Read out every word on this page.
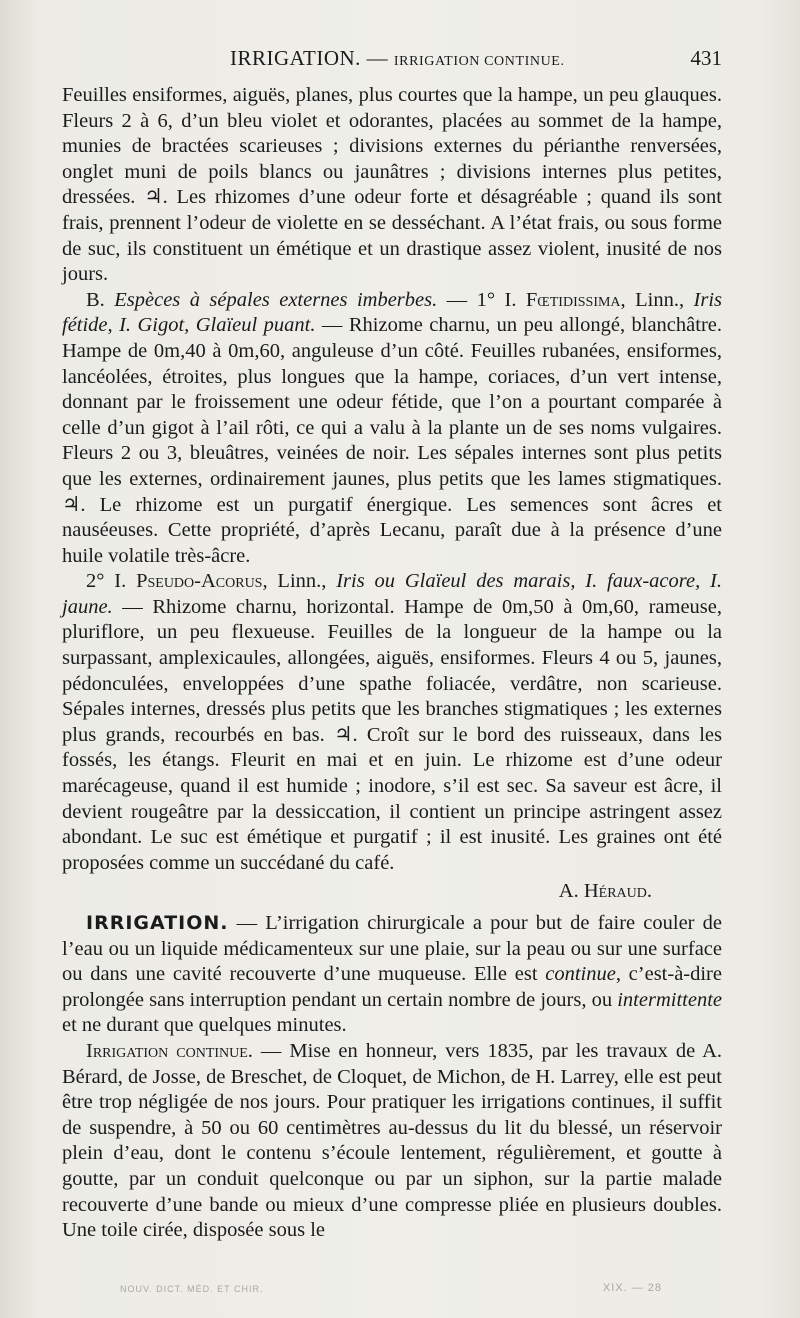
IRRIGATION. — IRRIGATION CONTINUE.	431

Feuilles ensiformes, aiguës, planes, plus courtes que la hampe, un peu glauques. Fleurs 2 à 6, d’un bleu violet et odorantes, placées au sommet de la hampe, munies de bractées scarieuses ; divisions externes du périanthe renversées, onglet muni de poils blancs ou jaunâtres ; divisions internes plus petites, dressées. ♃. Les rhizomes d’une odeur forte et désagréable ; quand ils sont frais, prennent l’odeur de violette en se desséchant. A l’état frais, ou sous forme de suc, ils constituent un émétique et un drastique assez violent, inusité de nos jours.

B. Espèces à sépales externes imberbes. — 1° I. Fœtidissima, Linn., Iris fétide, I. Gigot, Glaïeul puant. — Rhizome charnu, un peu allongé, blanchâtre. Hampe de 0m,40 à 0m,60, anguleuse d’un côté. Feuilles rubanées, ensiformes, lancéolées, étroites, plus longues que la hampe, coriaces, d’un vert intense, donnant par le froissement une odeur fétide, que l’on a pourtant comparée à celle d’un gigot à l’ail rôti, ce qui a valu à la plante un de ses noms vulgaires. Fleurs 2 ou 3, bleuâtres, veinées de noir. Les sépales internes sont plus petits que les externes, ordinairement jaunes, plus petits que les lames stigmatiques. ♃. Le rhizome est un purgatif énergique. Les semences sont âcres et nauséeuses. Cette propriété, d’après Lecanu, paraît due à la présence d’une huile volatile très-âcre.

2° I. Pseudo-Acorus, Linn., Iris ou Glaïeul des marais, I. faux-acore, I. jaune. — Rhizome charnu, horizontal. Hampe de 0m,50 à 0m,60, rameuse, pluriflore, un peu flexueuse. Feuilles de la longueur de la hampe ou la surpassant, amplexicaules, allongées, aiguës, ensiformes. Fleurs 4 ou 5, jaunes, pédonculées, enveloppées d’une spathe foliacée, verdâtre, non scarieuse. Sépales internes, dressés plus petits que les branches stigmatiques ; les externes plus grands, recourbés en bas. ♃. Croît sur le bord des ruisseaux, dans les fossés, les étangs. Fleurit en mai et en juin. Le rhizome est d’une odeur marécageuse, quand il est humide ; inodore, s’il est sec. Sa saveur est âcre, il devient rougeâtre par la dessiccation, il contient un principe astringent assez abondant. Le suc est émétique et purgatif ; il est inusité. Les graines ont été proposées comme un succédané du café.

A. Héraud.

IRRIGATION. — L’irrigation chirurgicale a pour but de faire couler de l’eau ou un liquide médicamenteux sur une plaie, sur la peau ou sur une surface ou dans une cavité recouverte d’une muqueuse. Elle est continue, c’est-à-dire prolongée sans interruption pendant un certain nombre de jours, ou intermittente et ne durant que quelques minutes.

Irrigation continue. — Mise en honneur, vers 1835, par les travaux de A. Bérard, de Josse, de Breschet, de Cloquet, de Michon, de H. Larrey, elle est peut être trop négligée de nos jours. Pour pratiquer les irrigations continues, il suffit de suspendre, à 50 ou 60 centimètres au-dessus du lit du blessé, un réservoir plein d’eau, dont le contenu s’écoule lentement, régulièrement, et goutte à goutte, par un conduit quelconque ou par un siphon, sur la partie malade recouverte d’une bande ou mieux d’une compresse pliée en plusieurs doubles. Une toile cirée, disposée sous le

NOUV. DICT. MÉD. ET CHIR.	XIX. — 28
